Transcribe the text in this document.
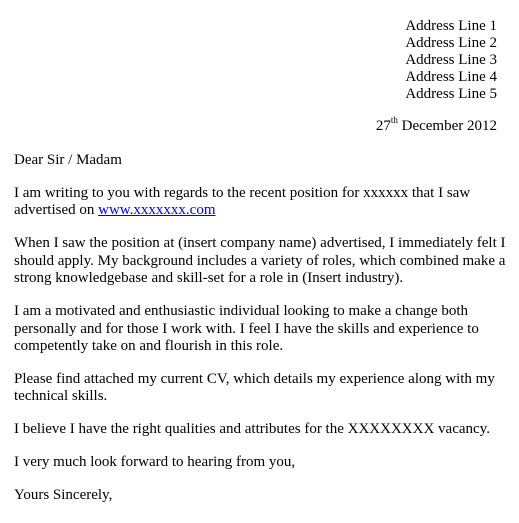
Address Line 1
Address Line 2
Address Line 3
Address Line 4
Address Line 5
27th December 2012

Dear Sir / Madam

I am writing to you with regards to the recent position for xxxxxx that I saw advertised on www.xxxxxxx.com

When I saw the position at (insert company name) advertised, I immediately felt I should apply. My background includes a variety of roles, which combined make a strong knowledgebase and skill-set for a role in (Insert industry).

I am a motivated and enthusiastic individual looking to make a change both personally and for those I work with. I feel I have the skills and experience to competently take on and flourish in this role.

Please find attached my current CV, which details my experience along with my technical skills.

I believe I have the right qualities and attributes for the XXXXXXXX vacancy.

I very much look forward to hearing from you,

Yours Sincerely,
